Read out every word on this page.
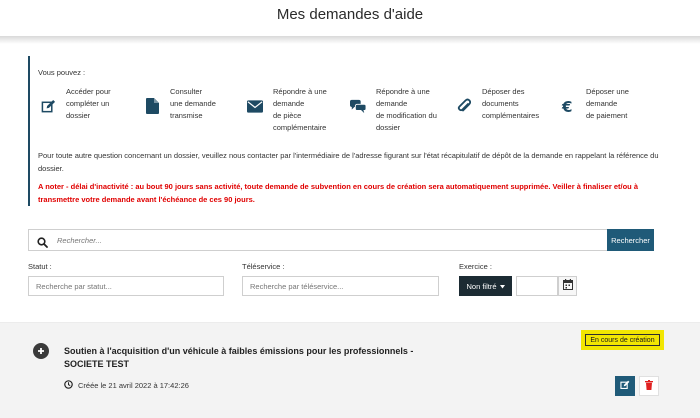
Mes demandes d'aide
Vous pouvez :
Accéder pour
compléter un
dossier
Consulter
une demande
transmise
Répondre à une
demande
de pièce
complémentaire
Répondre à une
demande
de modification du
dossier
Déposer des
documents
complémentaires	€
Déposer une
demande
de paiement
Pour toute autre question concernant un dossier, veuillez nous contacter par l'intermédiaire de l'adresse figurant sur l'état récapitulatif de dépôt de la demande en rappelant la référence du dossier.
A noter - délai d'inactivité : au bout 90 jours sans activité, toute demande de subvention en cours de création sera automatiquement supprimée. Veiller à finaliser et/ou à transmettre votre demande avant l'échéance de ces 90 jours.
Rechercher...
Rechercher
Statut :
Recherche par statut...	Téléservice :
Recherche par téléservice...	Exercice :
Non filtré
Soutien à l'acquisition d'un véhicule à faibles émissions pour les professionnels - SOCIETE TEST
En cours de création
Créée le 21 avril 2022 à 17:42:26
